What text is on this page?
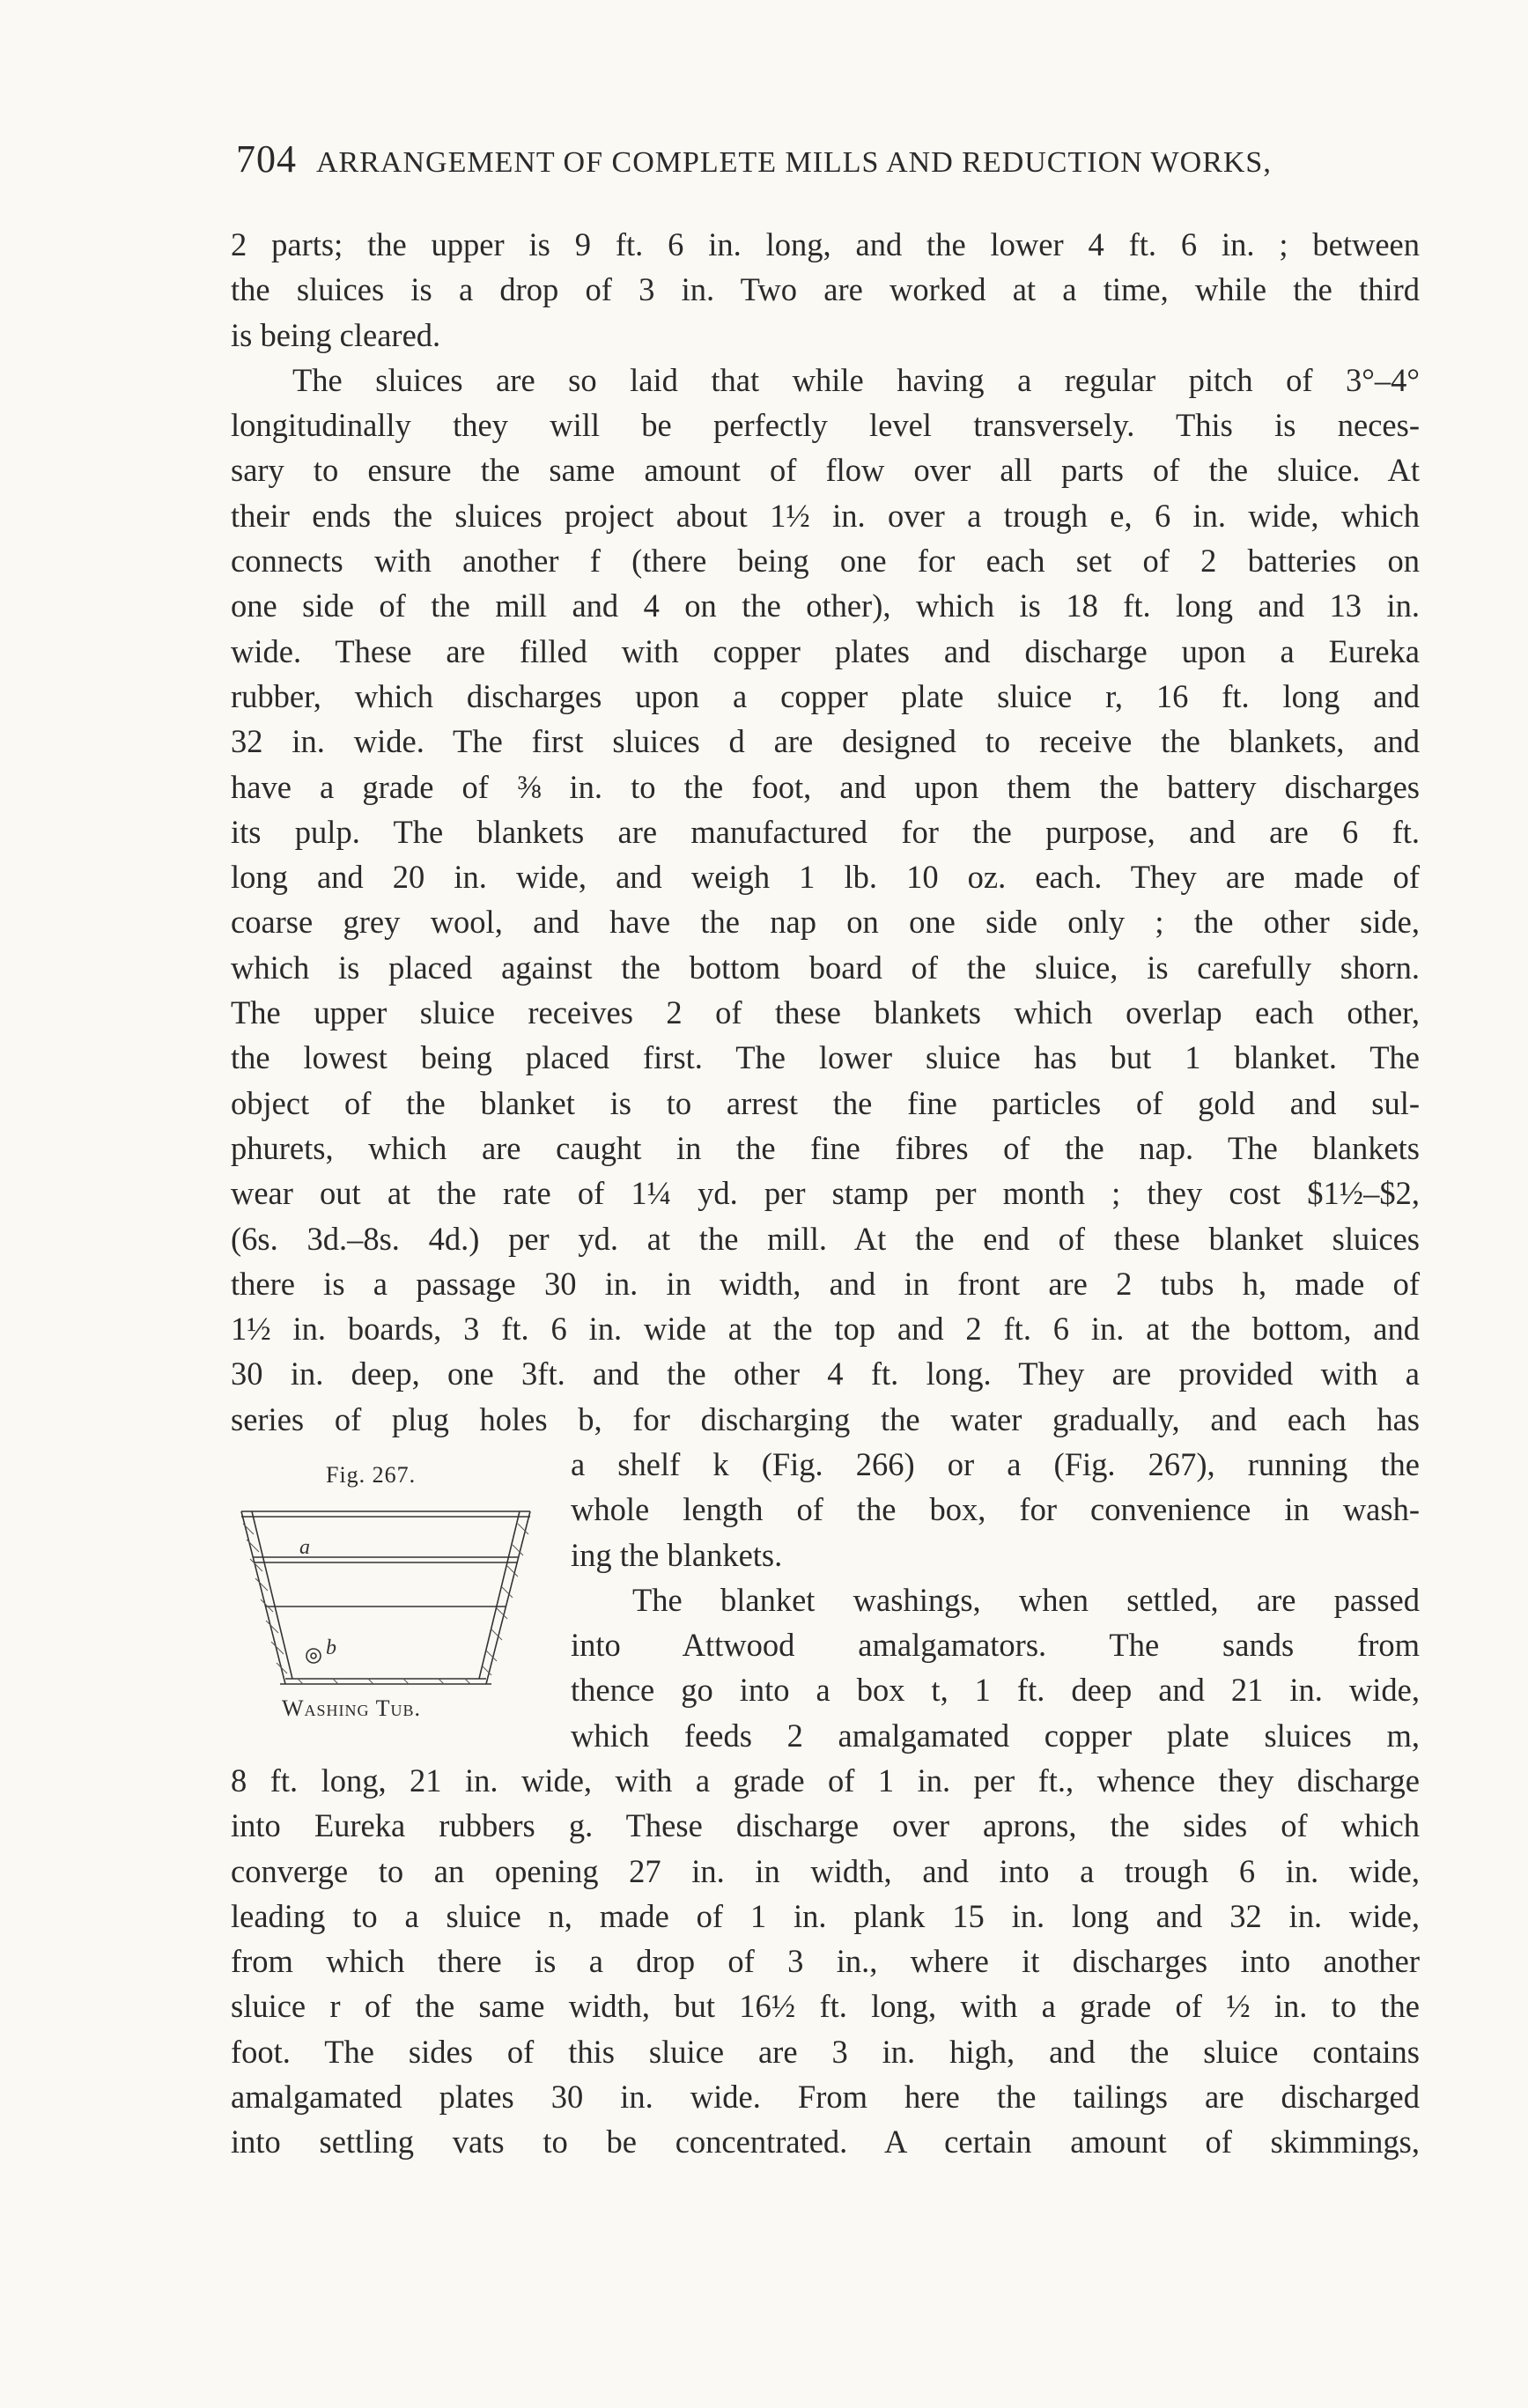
704 ARRANGEMENT OF COMPLETE MILLS AND REDUCTION WORKS,
2 parts; the upper is 9 ft. 6 in. long, and the lower 4 ft. 6 in. ; between
the sluices is a drop of 3 in. Two are worked at a time, while the third
is being cleared.
The sluices are so laid that while having a regular pitch of 3°–4°
longitudinally they will be perfectly level transversely. This is neces-
sary to ensure the same amount of flow over all parts of the sluice. At
their ends the sluices project about 1½ in. over a trough e, 6 in. wide, which
connects with another f (there being one for each set of 2 batteries on
one side of the mill and 4 on the other), which is 18 ft. long and 13 in.
wide. These are filled with copper plates and discharge upon a Eureka
rubber, which discharges upon a copper plate sluice r, 16 ft. long and
32 in. wide. The first sluices d are designed to receive the blankets, and
have a grade of ⅜ in. to the foot, and upon them the battery discharges
its pulp. The blankets are manufactured for the purpose, and are 6 ft.
long and 20 in. wide, and weigh 1 lb. 10 oz. each. They are made of
coarse grey wool, and have the nap on one side only ; the other side,
which is placed against the bottom board of the sluice, is carefully shorn.
The upper sluice receives 2 of these blankets which overlap each other,
the lowest being placed first. The lower sluice has but 1 blanket. The
object of the blanket is to arrest the fine particles of gold and sul-
phurets, which are caught in the fine fibres of the nap. The blankets
wear out at the rate of 1¼ yd. per stamp per month ; they cost $1½–$2,
(6s. 3d.–8s. 4d.) per yd. at the mill. At the end of these blanket sluices
there is a passage 30 in. in width, and in front are 2 tubs h, made of
1½ in. boards, 3 ft. 6 in. wide at the top and 2 ft. 6 in. at the bottom, and
30 in. deep, one 3ft. and the other 4 ft. long. They are provided with a
series of plug holes b, for discharging the water gradually, and each has
a shelf k (Fig. 266) or a (Fig. 267), running the
whole length of the box, for convenience in wash-
ing the blankets.
The blanket washings, when settled, are passed
into Attwood amalgamators. The sands from
thence go into a box t, 1 ft. deep and 21 in. wide,
which feeds 2 amalgamated copper plate sluices m,
8 ft. long, 21 in. wide, with a grade of 1 in. per ft., whence they discharge
into Eureka rubbers g. These discharge over aprons, the sides of which
converge to an opening 27 in. in width, and into a trough 6 in. wide,
leading to a sluice n, made of 1 in. plank 15 in. long and 32 in. wide,
from which there is a drop of 3 in., where it discharges into another
sluice r of the same width, but 16½ ft. long, with a grade of ½ in. to the
foot. The sides of this sluice are 3 in. high, and the sluice contains
amalgamated plates 30 in. wide. From here the tailings are discharged
into settling vats to be concentrated. A certain amount of skimmings,
Fig. 267.
a
b
Washing Tub.
